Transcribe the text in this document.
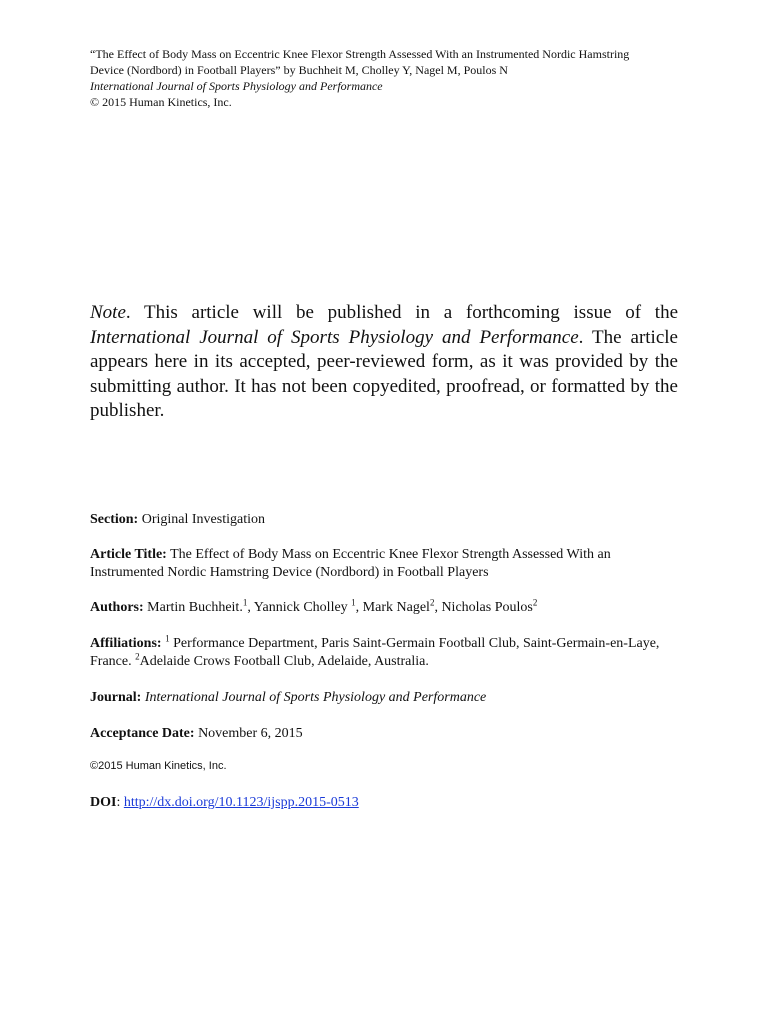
“The Effect of Body Mass on Eccentric Knee Flexor Strength Assessed With an Instrumented Nordic Hamstring
Device (Nordbord) in Football Players” by Buchheit M, Cholley Y, Nagel M, Poulos N
International Journal of Sports Physiology and Performance
© 2015 Human Kinetics, Inc.
Note. This article will be published in a forthcoming issue of the International Journal of Sports Physiology and Performance. The article appears here in its accepted, peer-reviewed form, as it was provided by the submitting author. It has not been copyedited, proofread, or formatted by the publisher.
Section: Original Investigation
Article Title: The Effect of Body Mass on Eccentric Knee Flexor Strength Assessed With an Instrumented Nordic Hamstring Device (Nordbord) in Football Players
Authors: Martin Buchheit.$^1$, Yannick Cholley $^1$, Mark Nagel$^2$, Nicholas Poulos$^2$
Affiliations: $^1$ Performance Department, Paris Saint-Germain Football Club, Saint-Germain-en-Laye, France. $^2$Adelaide Crows Football Club, Adelaide, Australia.
Journal: International Journal of Sports Physiology and Performance
Acceptance Date: November 6, 2015
©2015 Human Kinetics, Inc.
DOI: http://dx.doi.org/10.1123/ijspp.2015-0513
